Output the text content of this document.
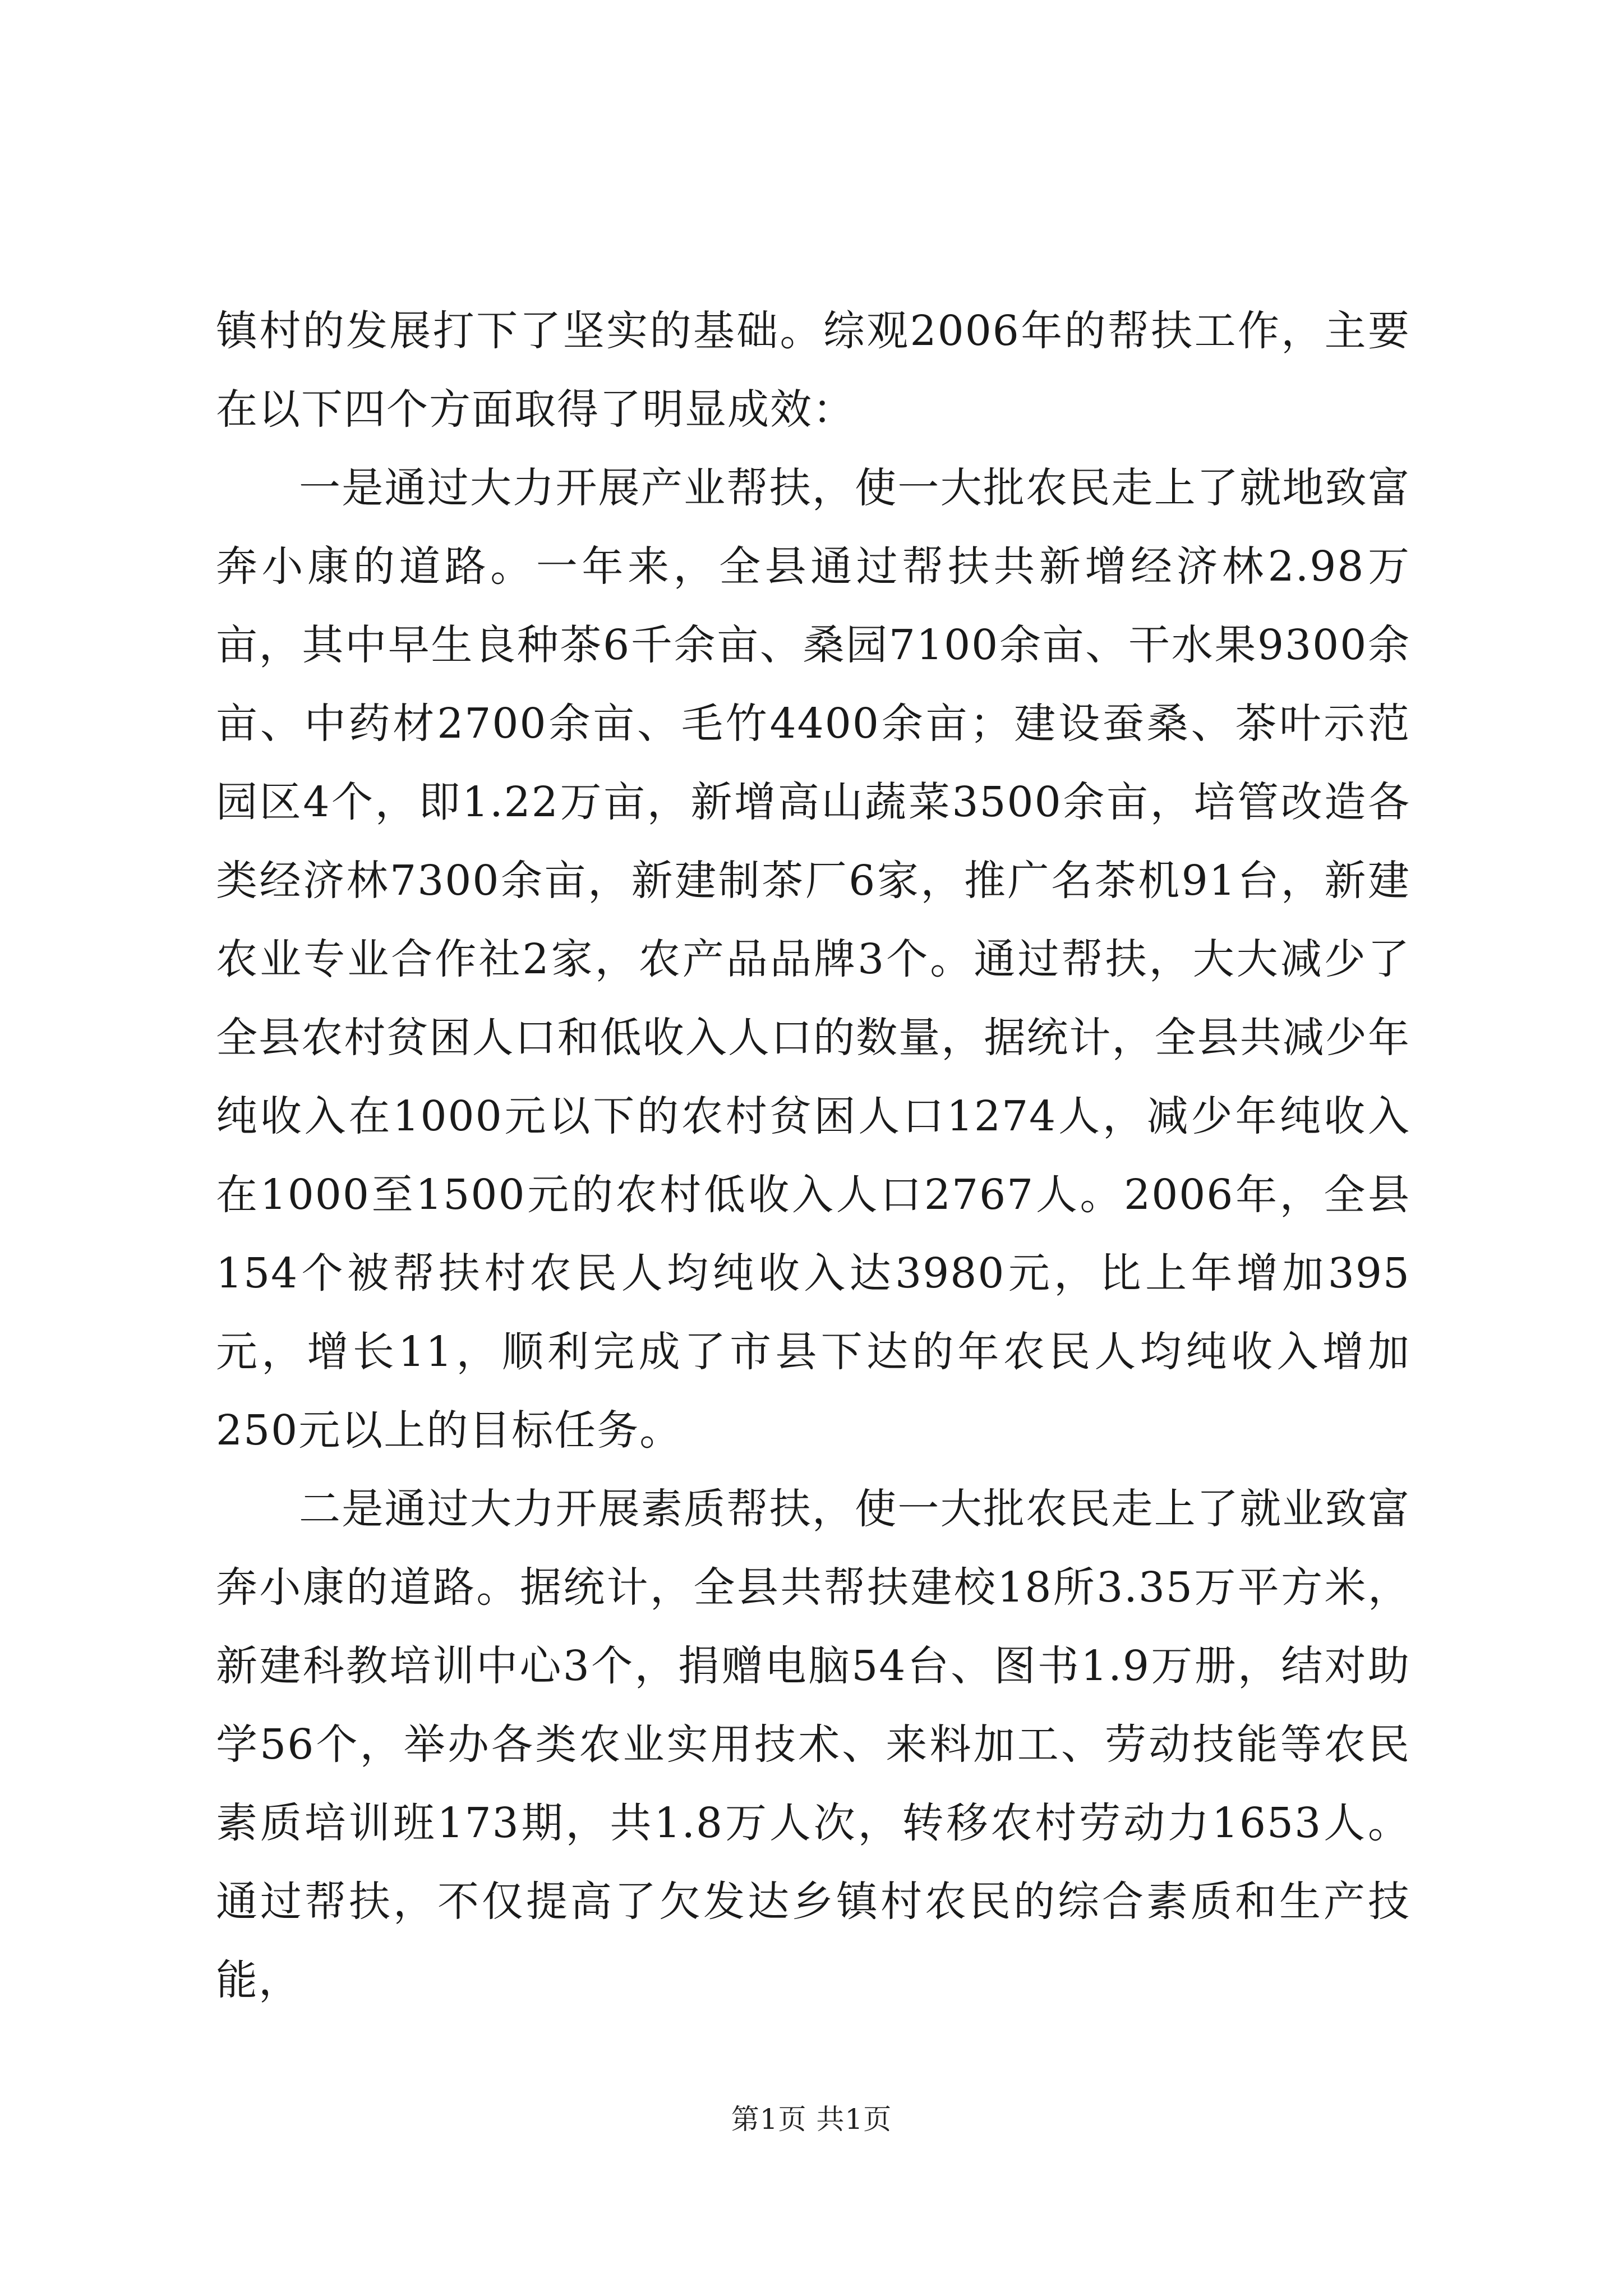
镇村的发展打下了坚实的基础。综观2006年的帮扶工作，主要在以下四个方面取得了明显成效：

一是通过大力开展产业帮扶，使一大批农民走上了就地致富奔小康的道路。一年来，全县通过帮扶共新增经济林2.98万亩，其中早生良种茶6千余亩、桑园7100余亩、干水果9300余亩、中药材2700余亩、毛竹4400余亩；建设蚕桑、茶叶示范园区4个，即1.22万亩，新增高山蔬菜3500余亩，培管改造各类经济林7300余亩，新建制茶厂6家，推广名茶机91台，新建农业专业合作社2家，农产品品牌3个。通过帮扶，大大减少了全县农村贫困人口和低收入人口的数量，据统计，全县共减少年纯收入在1000元以下的农村贫困人口1274人，减少年纯收入在1000至1500元的农村低收入人口2767人。2006年，全县154个被帮扶村农民人均纯收入达3980元，比上年增加395元，增长11，顺利完成了市县下达的年农民人均纯收入增加250元以上的目标任务。

二是通过大力开展素质帮扶，使一大批农民走上了就业致富奔小康的道路。据统计，全县共帮扶建校18所3.35万平方米，新建科教培训中心3个，捐赠电脑54台、图书1.9万册，结对助学56个，举办各类农业实用技术、来料加工、劳动技能等农民素质培训班173期，共1.8万人次，转移农村劳动力1653人。通过帮扶，不仅提高了欠发达乡镇村农民的综合素质和生产技能，

第1页 共1页
